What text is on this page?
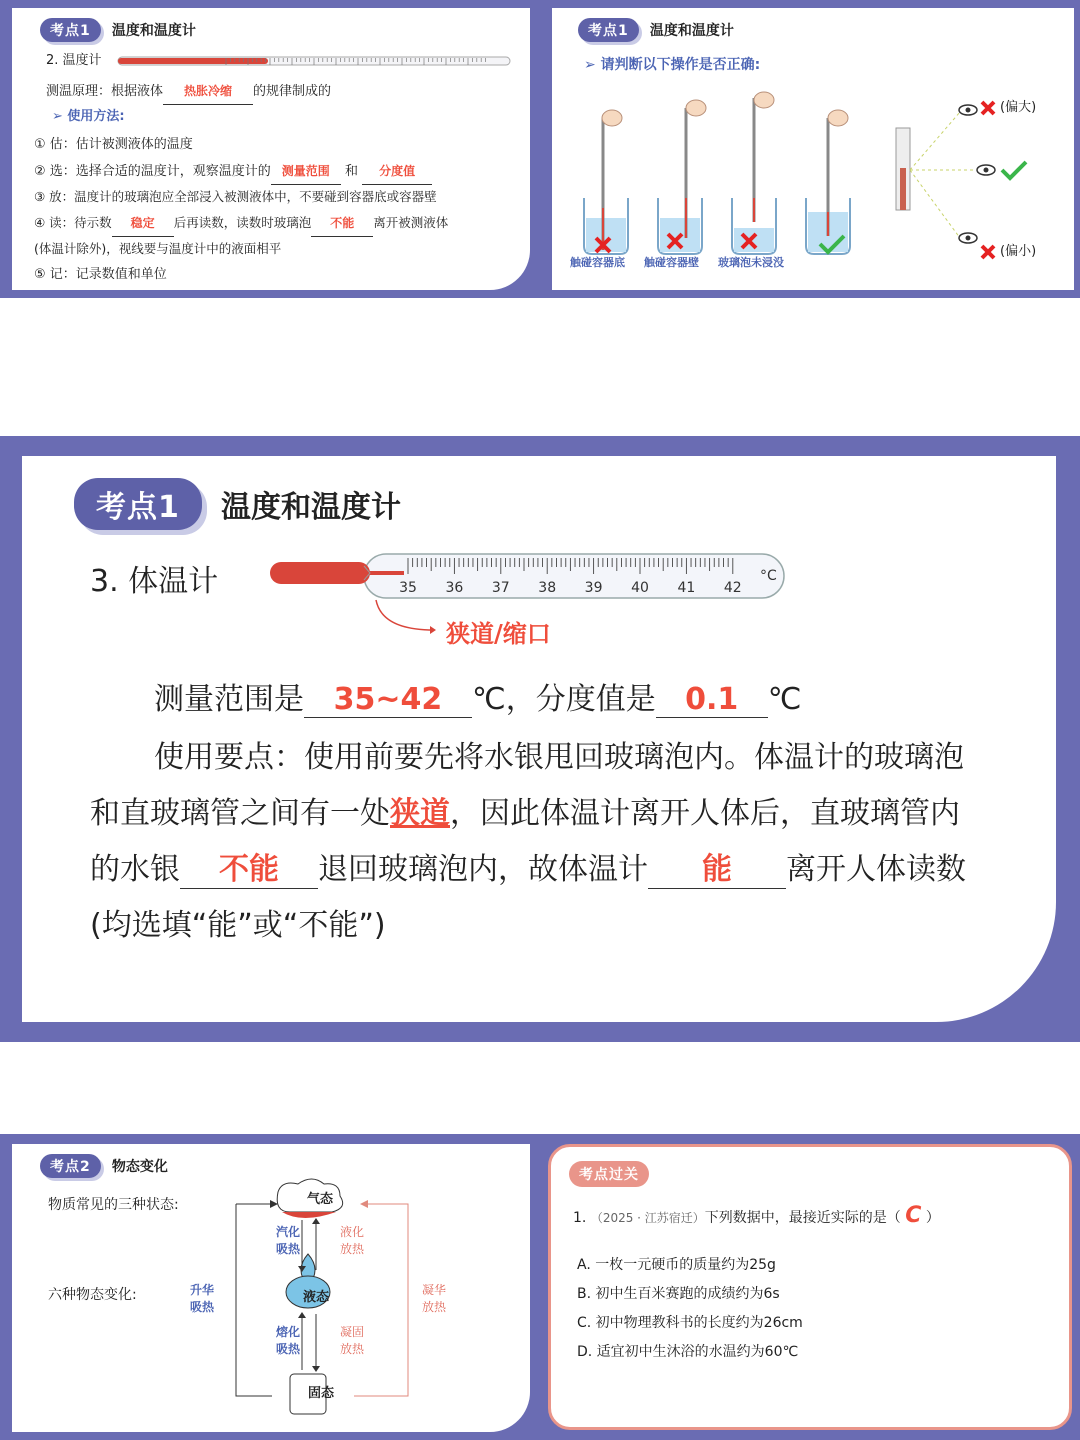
考点1 温度和温度计
2. 温度计
测温原理：根据液体 热胀冷缩 的规律制成的
➢ 使用方法:
① 估：估计被测液体的温度
② 选：选择合适的温度计，观察温度计的 测量范围 和 分度值
③ 放：温度计的玻璃泡应全部浸入被测液体中，不要碰到容器底或容器壁
④ 读：待示数 稳定 后再读数，读数时玻璃泡 不能 离开被测液体
(体温计除外)，视线要与温度计中的液面相平
⑤ 记：记录数值和单位
考点1 温度和温度计
➢ 请判断以下操作是否正确:
触碰容器底 触碰容器壁 玻璃泡未浸没
(偏大)
(偏小)
考点1 温度和温度计
3. 体温计	35 36 37 38 39 40 41 42
°C
狭道/缩口
测量范围是 35~42 ℃，分度值是 0.1 ℃
使用要点：使用前要先将水银甩回玻璃泡内。体温计的玻璃泡
和直玻璃管之间有一处狭道，因此体温计离开人体后，直玻璃管内
的水银 不能 退回玻璃泡内，故体温计 能 离开人体读数
(均选填“能”或“不能”)
考点2 物态变化
物质常见的三种状态:
六种物态变化:
气态
液态
固态
汽化
吸热
液化
放热
熔化
吸热
凝固
放热
升华
吸热
凝华
放热
考点过关
1. （2025 · 江苏宿迁）下列数据中，最接近实际的是（ C ）
A. 一枚一元硬币的质量约为25g
B. 初中生百米赛跑的成绩约为6s
C. 初中物理教科书的长度约为26cm
D. 适宜初中生沐浴的水温约为60℃
